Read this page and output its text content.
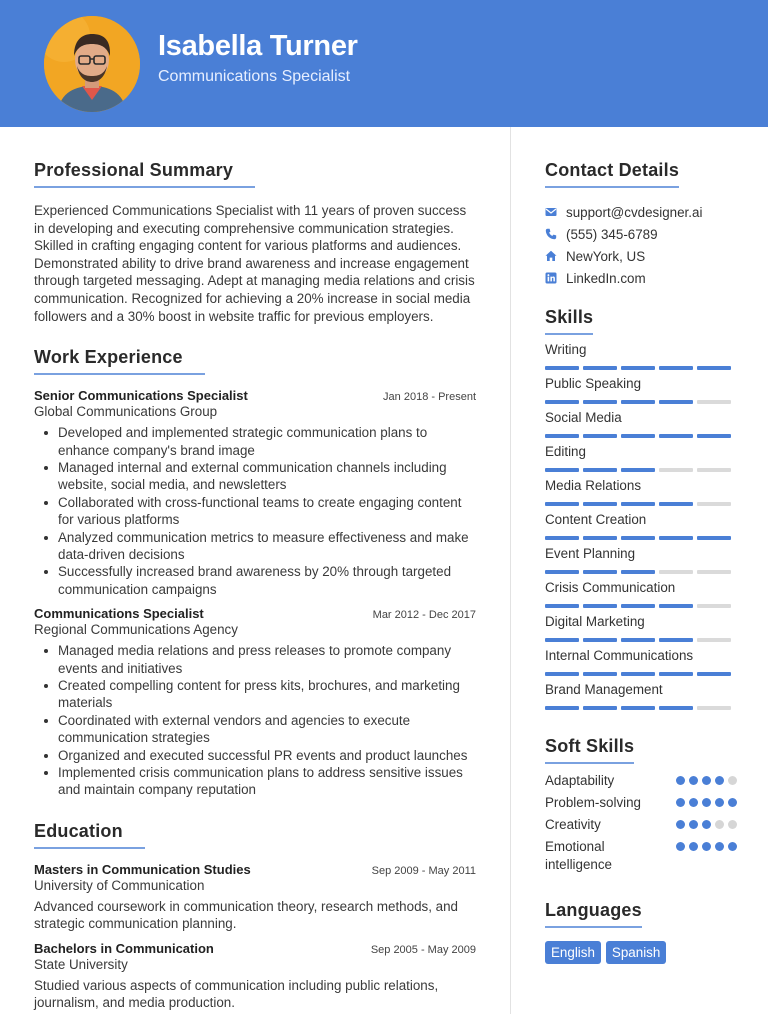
Isabella Turner
Communications Specialist
Professional Summary

Experienced Communications Specialist with 11 years of proven success in developing and executing comprehensive communication strategies. Skilled in crafting engaging content for various platforms and audiences. Demonstrated ability to drive brand awareness and increase engagement through targeted messaging. Adept at managing media relations and crisis communication. Recognized for achieving a 20% increase in social media followers and a 30% boost in website traffic for previous employers.

Work Experience
Senior Communications Specialist	Jan 2018 - Present
Global Communications Group
Developed and implemented strategic communication plans to enhance company's brand image
Managed internal and external communication channels including website, social media, and newsletters
Collaborated with cross-functional teams to create engaging content for various platforms
Analyzed communication metrics to measure effectiveness and make data-driven decisions
Successfully increased brand awareness by 20% through targeted communication campaigns
Communications Specialist	Mar 2012 - Dec 2017
Regional Communications Agency
Managed media relations and press releases to promote company events and initiatives
Created compelling content for press kits, brochures, and marketing materials
Coordinated with external vendors and agencies to execute communication strategies
Organized and executed successful PR events and product launches
Implemented crisis communication plans to address sensitive issues and maintain company reputation
Education
Masters in Communication Studies	Sep 2009 - May 2011
University of Communication

Advanced coursework in communication theory, research methods, and strategic communication planning.

Bachelors in Communication	Sep 2005 - May 2009
State University

Studied various aspects of communication including public relations, journalism, and media production.

Contact Details
support@cvdesigner.ai
(555) 345-6789
NewYork, US
LinkedIn.com
Skills
Writing
Public Speaking
Social Media
Editing
Media Relations
Content Creation
Event Planning
Crisis Communication
Digital Marketing
Internal Communications
Brand Management
Soft Skills
Adaptability
Problem-solving
Creativity
Emotional intelligence
Languages
English	Spanish
